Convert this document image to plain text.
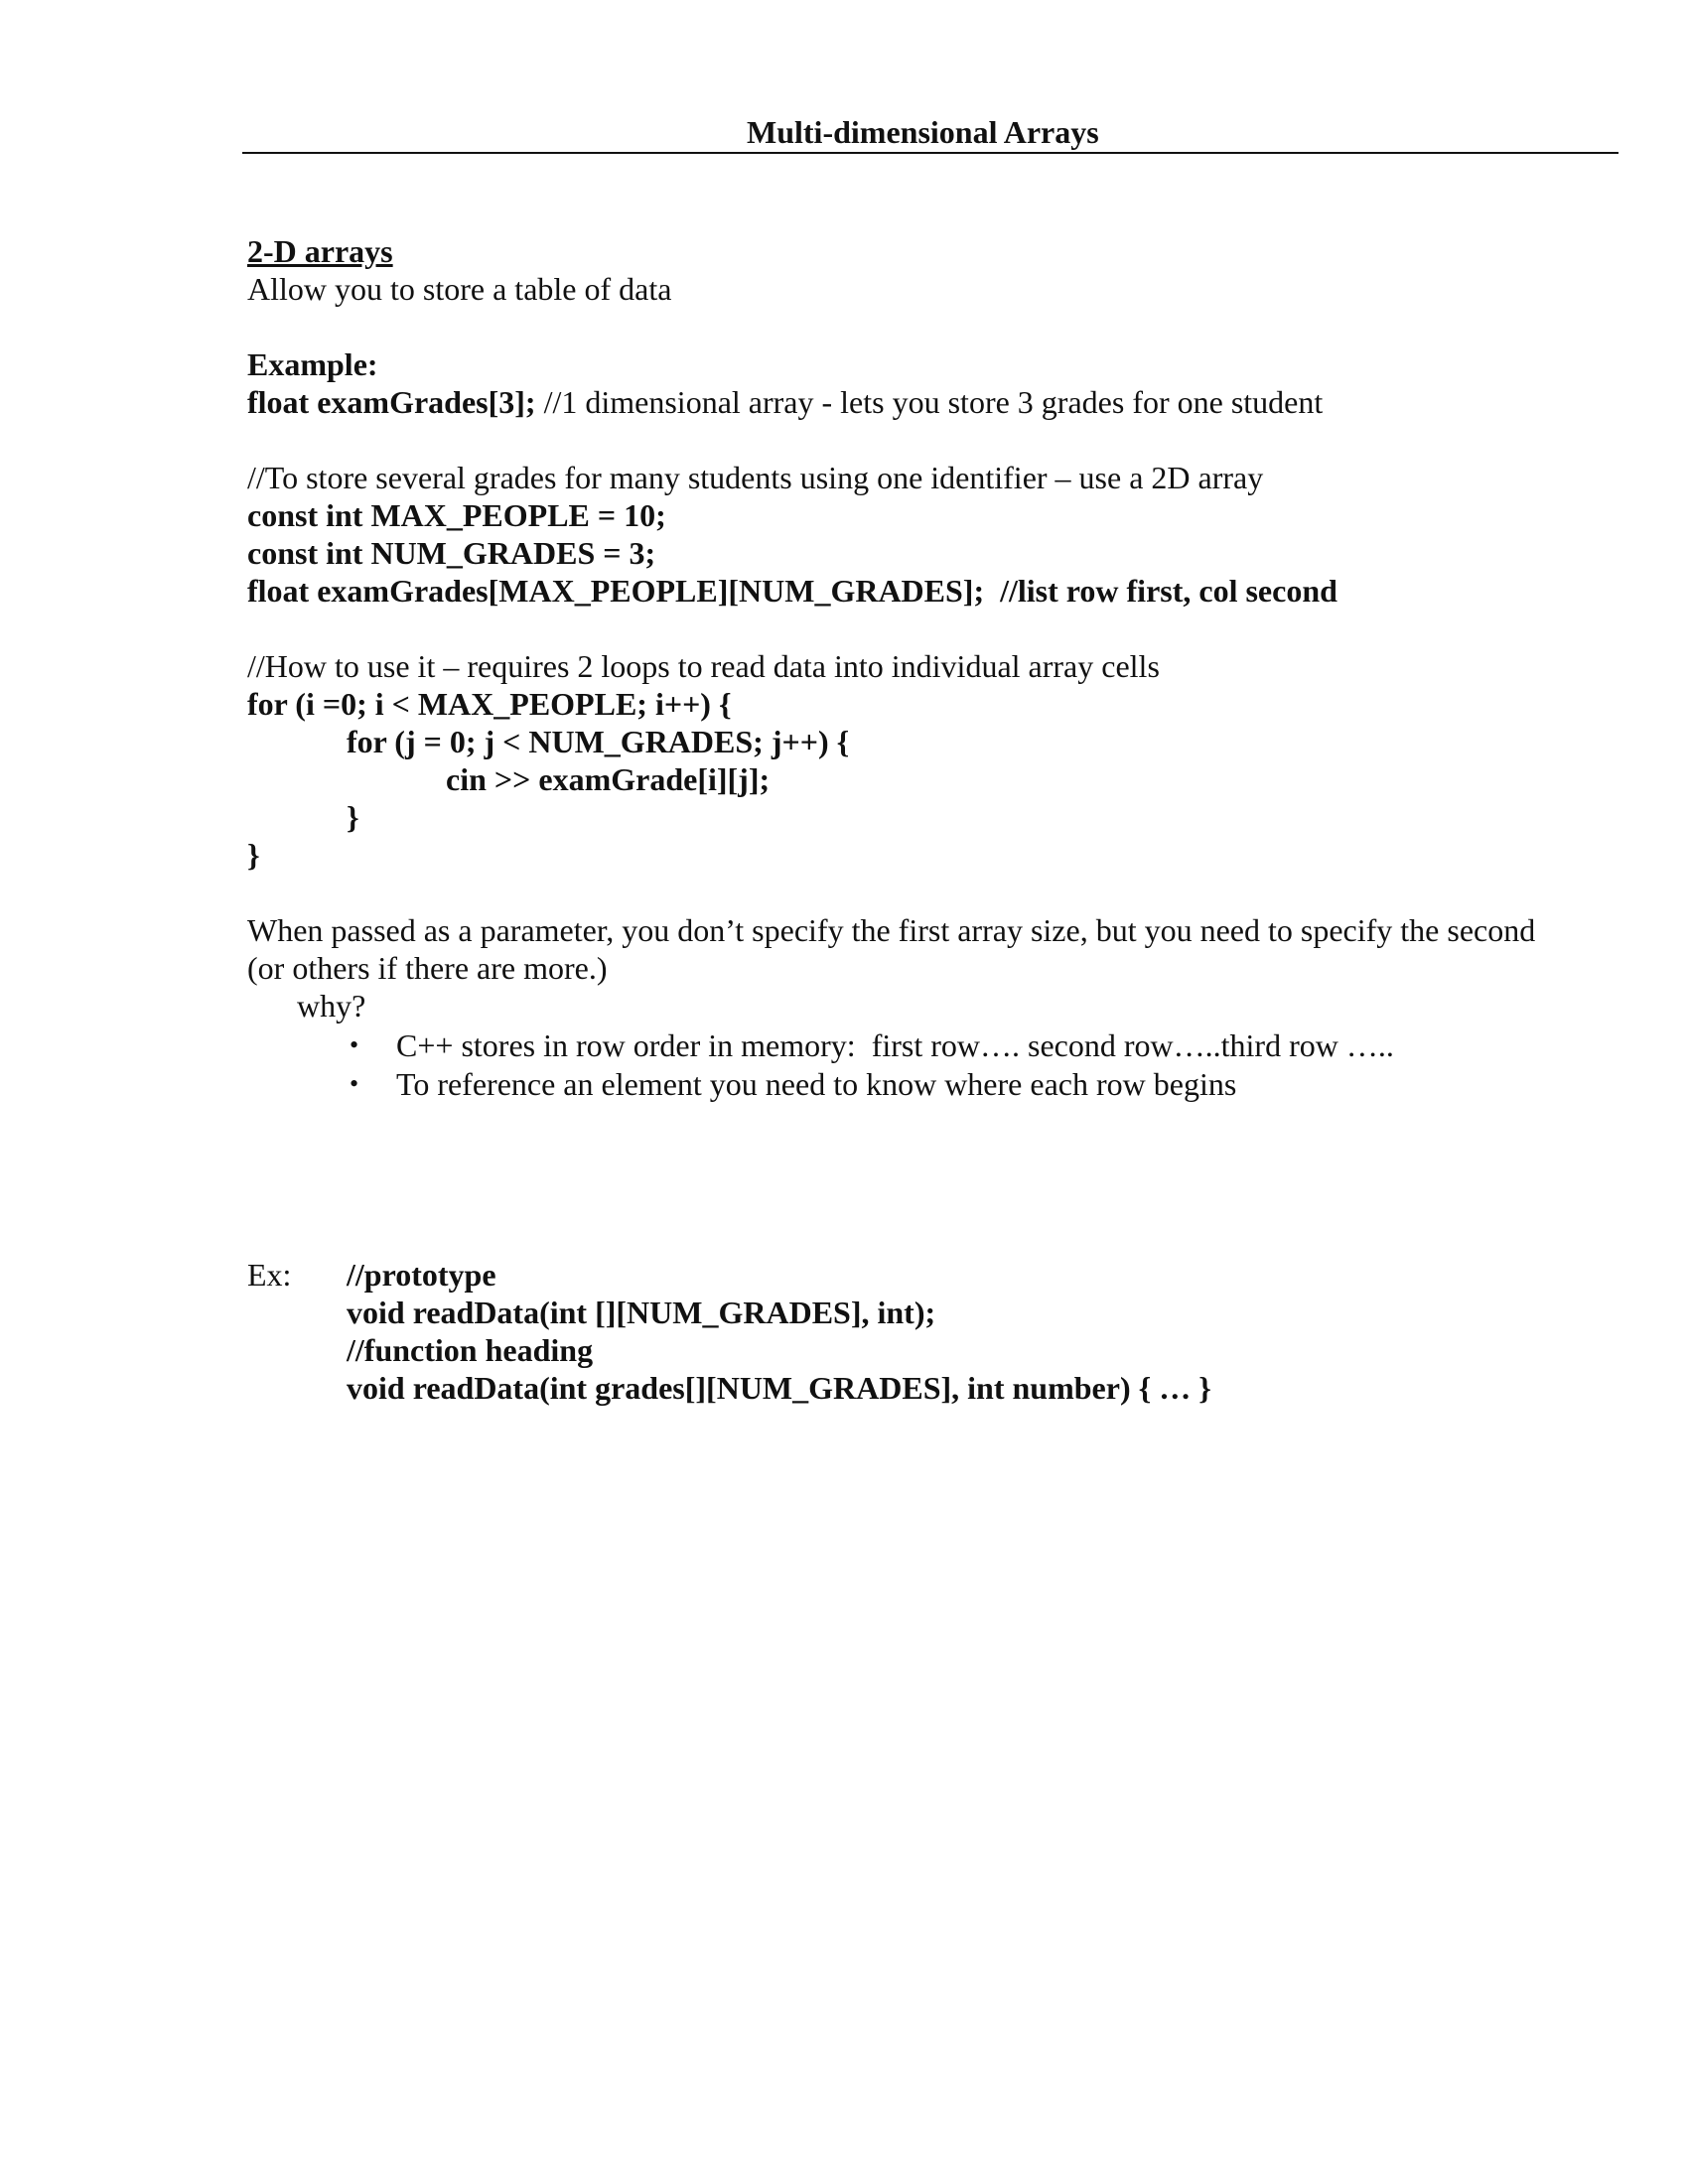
Multi-dimensional Arrays
2-D arrays
Allow you to store a table of data
Example:
float examGrades[3]; //1 dimensional array - lets you store 3 grades for one student
//To store several grades for many students using one identifier – use a 2D array
const int MAX_PEOPLE = 10;
const int NUM_GRADES = 3;
float examGrades[MAX_PEOPLE][NUM_GRADES];  //list row first, col second
//How to use it – requires 2 loops to read data into individual array cells
for (i =0; i < MAX_PEOPLE; i++) {
for (j = 0; j < NUM_GRADES; j++) {
cin >> examGrade[i][j];
}
}
When passed as a parameter, you don’t specify the first array size, but you need to specify the second
(or others if there are more.)
why?
• C++ stores in row order in memory:  first row…. second row…..third row …..
• To reference an element you need to know where each row begins
Ex: //prototype
void readData(int [][NUM_GRADES], int);
//function heading
void readData(int grades[][NUM_GRADES], int number) { … }
